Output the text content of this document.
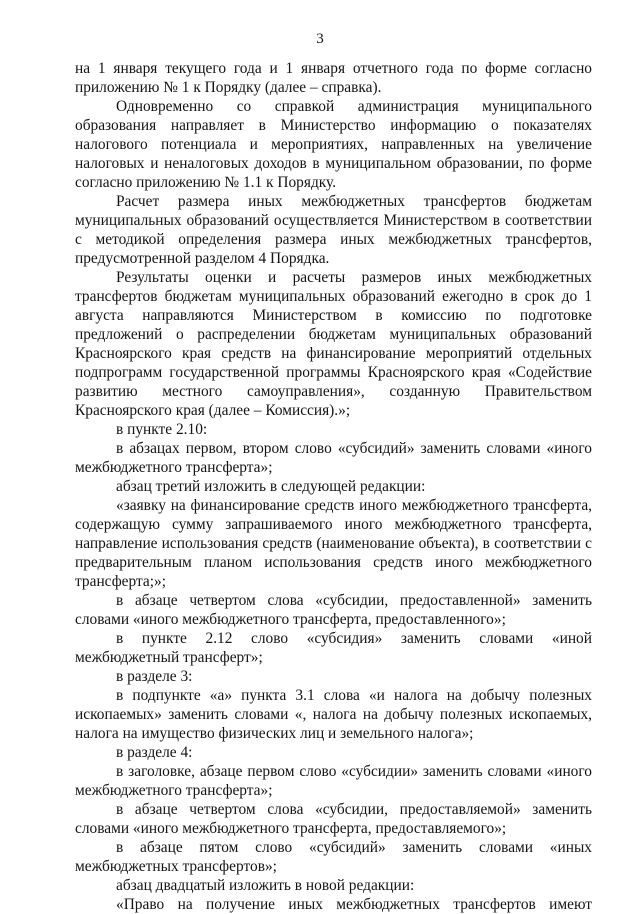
3

на 1 января текущего года и 1 января отчетного года по форме согласно приложению № 1 к Порядку (далее – справка).

Одновременно со справкой администрация муниципального образования направляет в Министерство информацию о показателях налогового потенциала и мероприятиях, направленных на увеличение налоговых и неналоговых доходов в муниципальном образовании, по форме согласно приложению № 1.1 к Порядку.

Расчет размера иных межбюджетных трансфертов бюджетам муниципальных образований осуществляется Министерством в соответствии с методикой определения размера иных межбюджетных трансфертов, предусмотренной разделом 4 Порядка.

Результаты оценки и расчеты размеров иных межбюджетных трансфертов бюджетам муниципальных образований ежегодно в срок до 1 августа направляются Министерством в комиссию по подготовке предложений о распределении бюджетам муниципальных образований Красноярского края средств на финансирование мероприятий отдельных подпрограмм государственной программы Красноярского края «Содействие развитию местного самоуправления», созданную Правительством Красноярского края (далее – Комиссия).»;

в пункте 2.10:

в абзацах первом, втором слово «субсидий» заменить словами «иного межбюджетного трансферта»;

абзац третий изложить в следующей редакции:

«заявку на финансирование средств иного межбюджетного трансферта, содержащую сумму запрашиваемого иного межбюджетного трансферта, направление использования средств (наименование объекта), в соответствии с предварительным планом использования средств иного межбюджетного трансферта;»;

в абзаце четвертом слова «субсидии, предоставленной» заменить словами «иного межбюджетного трансферта, предоставленного»;

в пункте 2.12 слово «субсидия» заменить словами «иной межбюджетный трансферт»;

в разделе 3:

в подпункте «а» пункта 3.1 слова «и налога на добычу полезных ископаемых» заменить словами «, налога на добычу полезных ископаемых, налога на имущество физических лиц и земельного налога»;

в разделе 4:

в заголовке, абзаце первом слово «субсидии» заменить словами «иного межбюджетного трансферта»;

в абзаце четвертом слова «субсидии, предоставляемой» заменить словами «иного межбюджетного трансферта, предоставляемого»;

в абзаце пятом слово «субсидий» заменить словами «иных межбюджетных трансфертов»;

абзац двадцатый изложить в новой редакции:

«Право на получение иных межбюджетных трансфертов имеют
